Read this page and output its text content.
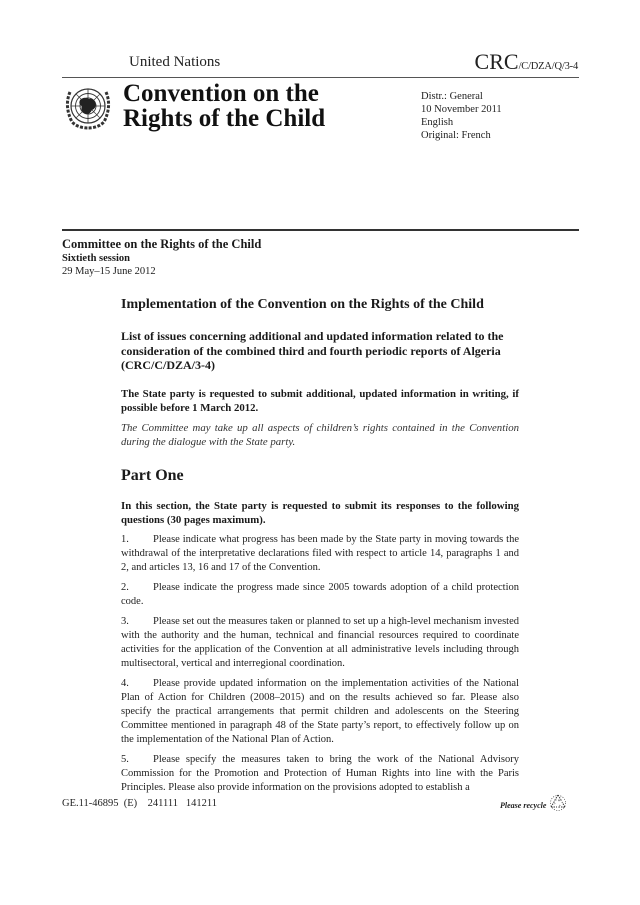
United Nations	CRC/C/DZA/Q/3-4
Convention on the
Rights of the Child
Distr.: General
10 November 2011
English
Original: French
Committee on the Rights of the Child
Sixtieth session
29 May–15 June 2012
Implementation of the Convention on the Rights of the Child
List of issues concerning additional and updated information related to the consideration of the combined third and fourth periodic reports of Algeria (CRC/C/DZA/3-4)
The State party is requested to submit additional, updated information in writing, if possible before 1 March 2012.
The Committee may take up all aspects of children’s rights contained in the Convention during the dialogue with the State party.
Part One
In this section, the State party is requested to submit its responses to the following questions (30 pages maximum).
1. Please indicate what progress has been made by the State party in moving towards the withdrawal of the interpretative declarations filed with respect to article 14, paragraphs 1 and 2, and articles 13, 16 and 17 of the Convention.
2. Please indicate the progress made since 2005 towards adoption of a child protection code.
3. Please set out the measures taken or planned to set up a high-level mechanism invested with the authority and the human, technical and financial resources required to coordinate activities for the application of the Convention at all administrative levels including through multisectoral, vertical and interregional coordination.
4. Please provide updated information on the implementation activities of the National Plan of Action for Children (2008–2015) and on the results achieved so far. Please also specify the practical arrangements that permit children and adolescents on the Steering Committee mentioned in paragraph 48 of the State party’s report, to effectively follow up on the implementation of the National Plan of Action.
5. Please specify the measures taken to bring the work of the National Advisory Commission for the Promotion and Protection of Human Rights into line with the Paris Principles. Please also provide information on the provisions adopted to establish a
GE.11-46895  (E)    241111   141211	Please recycle
